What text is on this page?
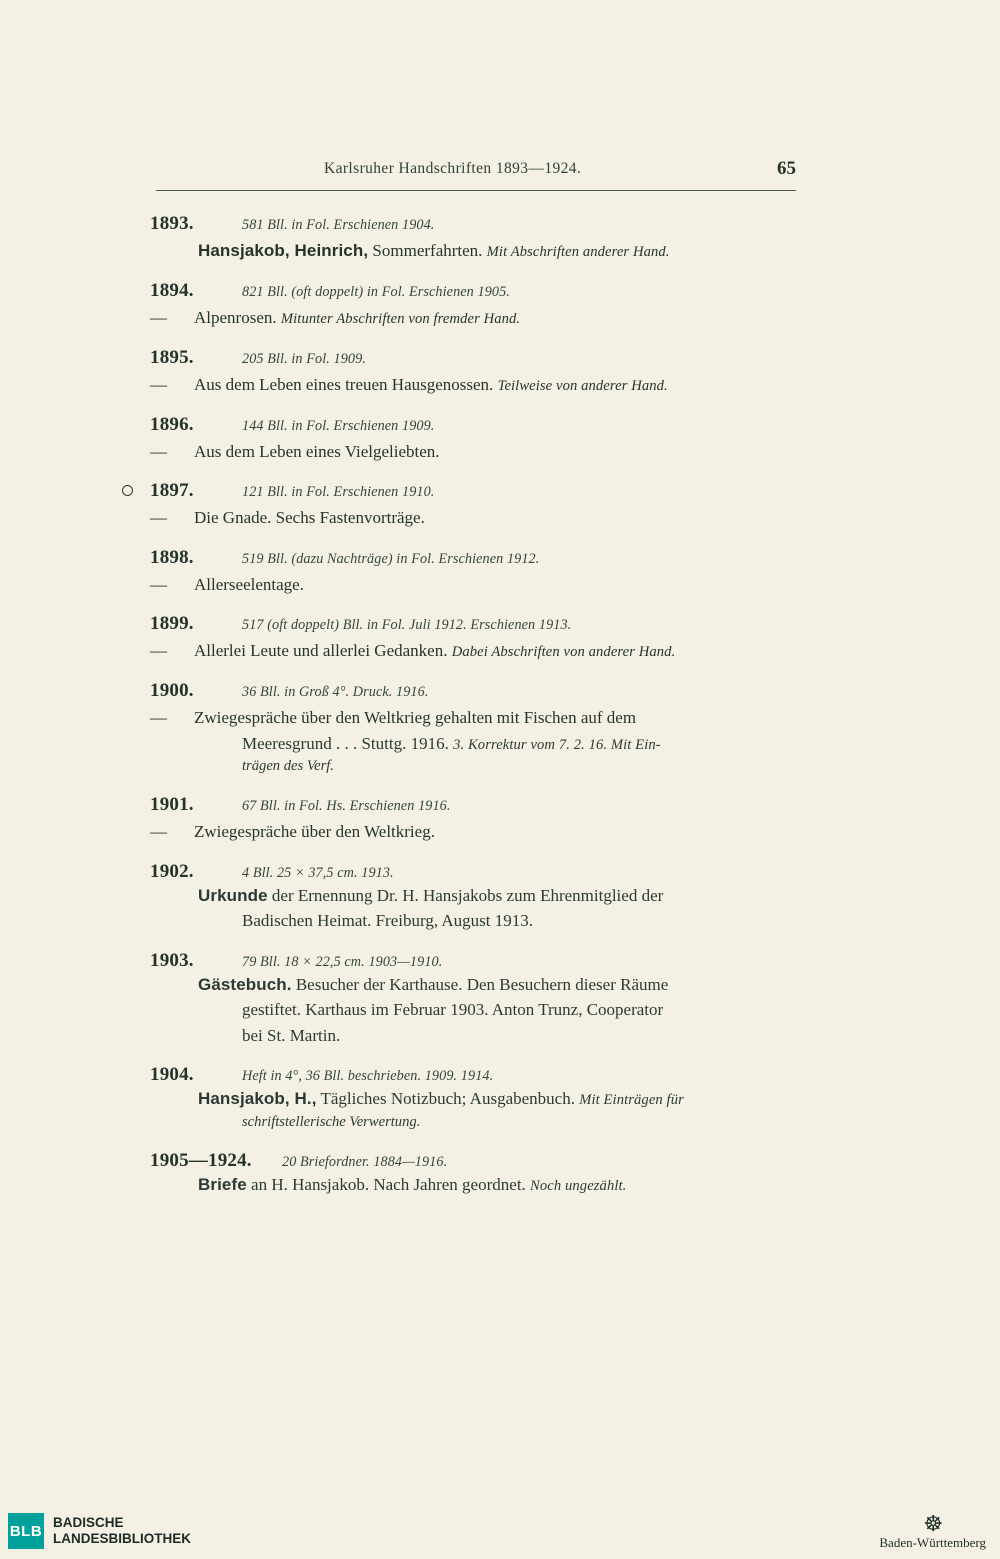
Karlsruher Handschriften 1893—1924.	65
1893.	581 Bll. in Fol. Erschienen 1904.
Hansjakob, Heinrich, Sommerfahrten. Mit Abschriften anderer Hand.
1894.	821 Bll. (oft doppelt) in Fol. Erschienen 1905.
— Alpenrosen. Mitunter Abschriften von fremder Hand.
1895.	205 Bll. in Fol. 1909.
— Aus dem Leben eines treuen Hausgenossen. Teilweise von anderer Hand.
1896.	144 Bll. in Fol. Erschienen 1909.
— Aus dem Leben eines Vielgeliebten.
1897.	121 Bll. in Fol. Erschienen 1910.
— Die Gnade. Sechs Fastenvorträge.
1898.	519 Bll. (dazu Nachträge) in Fol. Erschienen 1912.
— Allerseelentage.
1899.	517 (oft doppelt) Bll. in Fol. Juli 1912. Erschienen 1913.
— Allerlei Leute und allerlei Gedanken. Dabei Abschriften von anderer Hand.
1900.	36 Bll. in Groß 4°. Druck. 1916.
— Zwiegespräche über den Weltkrieg gehalten mit Fischen auf dem
Meeresgrund . . . Stuttg. 1916. 3. Korrektur vom 7. 2. 16. Mit Ein-
trägen des Verf.
1901.	67 Bll. in Fol. Hs. Erschienen 1916.
— Zwiegespräche über den Weltkrieg.
1902.	4 Bll. 25 × 37,5 cm. 1913.
Urkunde der Ernennung Dr. H. Hansjakobs zum Ehrenmitglied der
Badischen Heimat. Freiburg, August 1913.
1903.	79 Bll. 18 × 22,5 cm. 1903—1910.
Gästebuch. Besucher der Karthause. Den Besuchern dieser Räume
gestiftet. Karthaus im Februar 1903. Anton Trunz, Cooperator
bei St. Martin.
1904.	Heft in 4°, 36 Bll. beschrieben. 1909. 1914.
Hansjakob, H., Tägliches Notizbuch; Ausgabenbuch. Mit Einträgen für
schriftstellerische Verwertung.
1905—1924. 20 Briefordner. 1884—1916.
Briefe an H. Hansjakob. Nach Jahren geordnet. Noch ungezählt.
BLB BADISCHE
LANDESBIBLIOTHEK
☸
Baden-Württemberg
